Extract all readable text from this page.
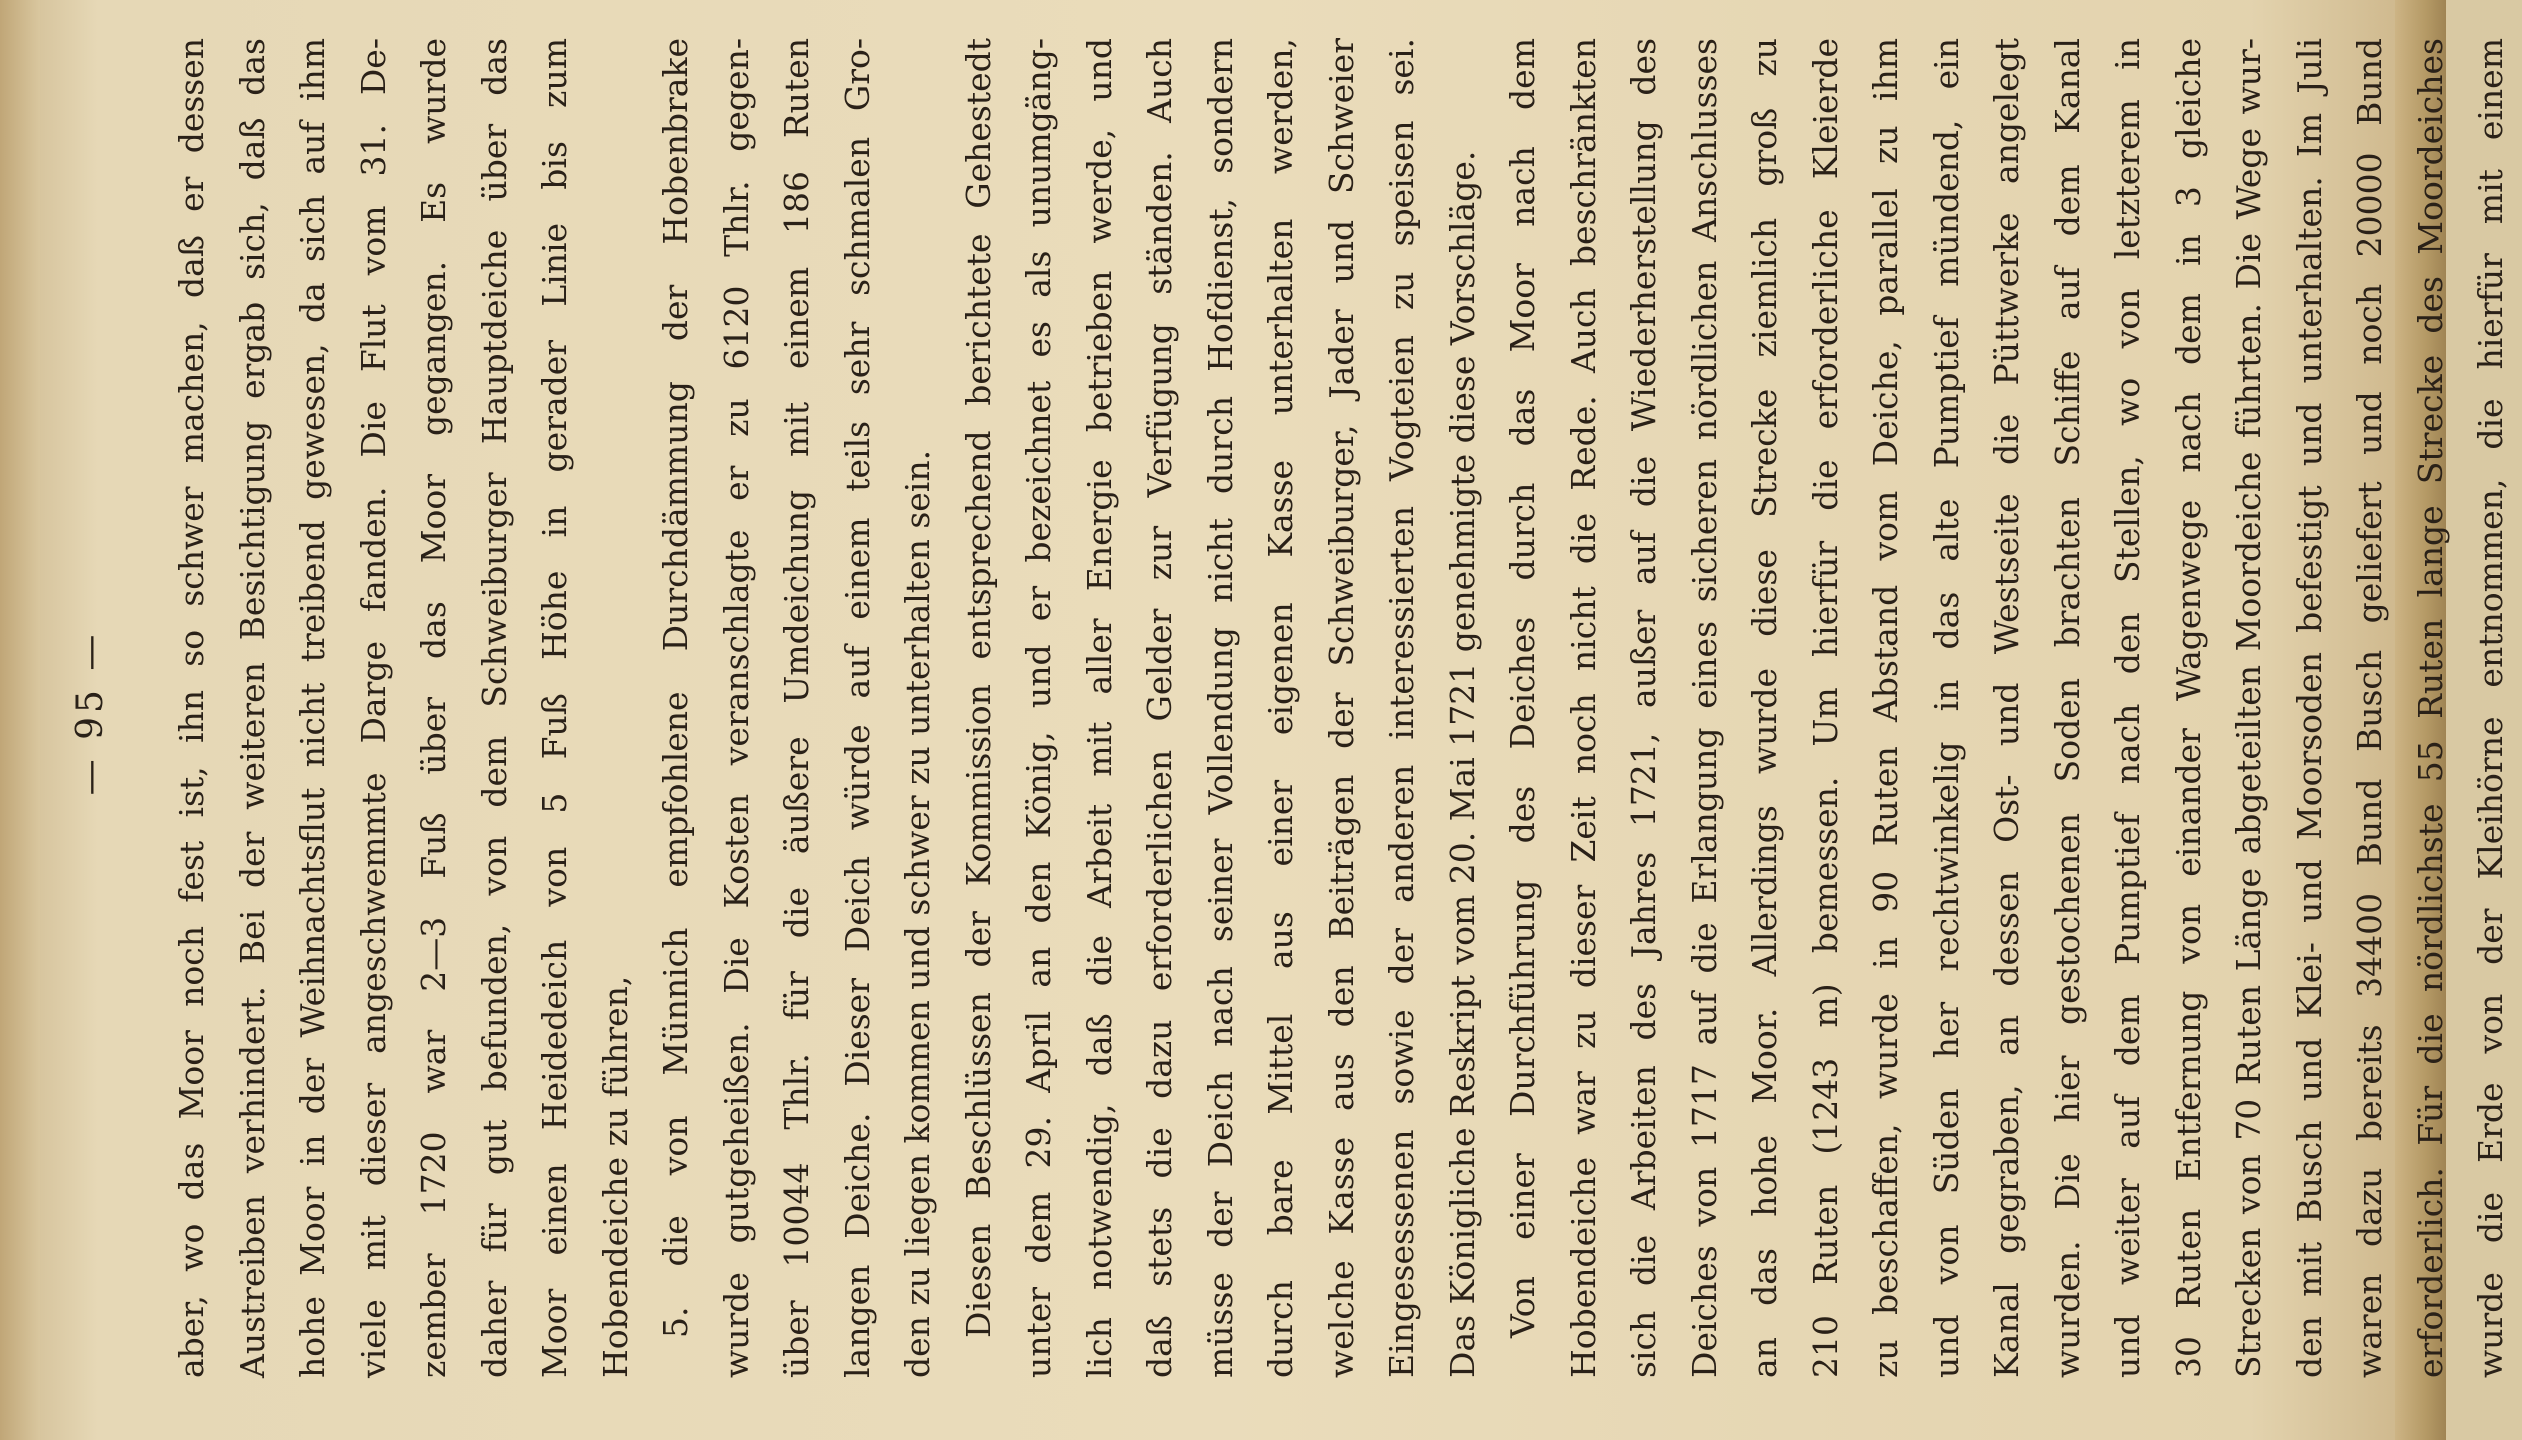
— 95 —	aber, wo das Moor noch fest ist, ihn so schwer machen, daß er dessen Austreiben verhindert. Bei der weiteren Besichtigung ergab sich, daß das hohe Moor in der Weihnachtsflut nicht treibend gewesen, da sich auf ihm viele mit dieser angeschwemmte Darge fanden. Die Flut vom 31. De- zember 1720 war 2—3 Fuß über das Moor gegangen. Es wurde daher für gut befunden, von dem Schweiburger Hauptdeiche über das Moor einen Heidedeich von 5 Fuß Höhe in gerader Linie bis zum Hobendeiche zu führen, 5. die von Münnich empfohlene Durchdämmung der Hobenbrake wurde gutgeheißen. Die Kosten veranschlagte er zu 6120 Thlr. gegen- über 10044 Thlr. für die äußere Umdeichung mit einem 186 Ruten langen Deiche. Dieser Deich würde auf einem teils sehr schmalen Gro- den zu liegen kommen und schwer zu unterhalten sein. Diesen Beschlüssen der Kommission entsprechend berichtete Gehestedt unter dem 29. April an den König, und er bezeichnet es als unumgäng- lich notwendig, daß die Arbeit mit aller Energie betrieben werde, und daß stets die dazu erforderlichen Gelder zur Verfügung ständen. Auch müsse der Deich nach seiner Vollendung nicht durch Hofdienst, sondern durch bare Mittel aus einer eigenen Kasse unterhalten werden, welche Kasse aus den Beiträgen der Schweiburger, Jader und Schweier Eingesessenen sowie der anderen interessierten Vogteien zu speisen sei. Das Königliche Reskript vom 20. Mai 1721 genehmigte diese Vorschläge. Von einer Durchführung des Deiches durch das Moor nach dem Hobendeiche war zu dieser Zeit noch nicht die Rede. Auch beschränkten sich die Arbeiten des Jahres 1721, außer auf die Wiederherstellung des Deiches von 1717 auf die Erlangung eines sicheren nördlichen Anschlusses an das hohe Moor. Allerdings wurde diese Strecke ziemlich groß zu 210 Ruten (1243 m) bemessen. Um hierfür die erforderliche Kleierde zu beschaffen, wurde in 90 Ruten Abstand vom Deiche, parallel zu ihm und von Süden her rechtwinkelig in das alte Pumptief mündend, ein Kanal gegraben, an dessen Ost- und Westseite die Püttwerke angelegt wurden. Die hier gestochenen Soden brachten Schiffe auf dem Kanal und weiter auf dem Pumptief nach den Stellen, wo von letzterem in 30 Ruten Entfernung von einander Wagenwege nach dem in 3 gleiche Strecken von 70 Ruten Länge abgeteilten Moordeiche führten. Die Wege wur- den mit Busch und Klei- und Moorsoden befestigt und unterhalten. Im Juli waren dazu bereits 34400 Bund Busch geliefert und noch 20000 Bund erforderlich. Für die nördlichste 55 Ruten lange Strecke des Moordeiches wurde die Erde von der Kleihörne entnommen, die hierfür mit einem
